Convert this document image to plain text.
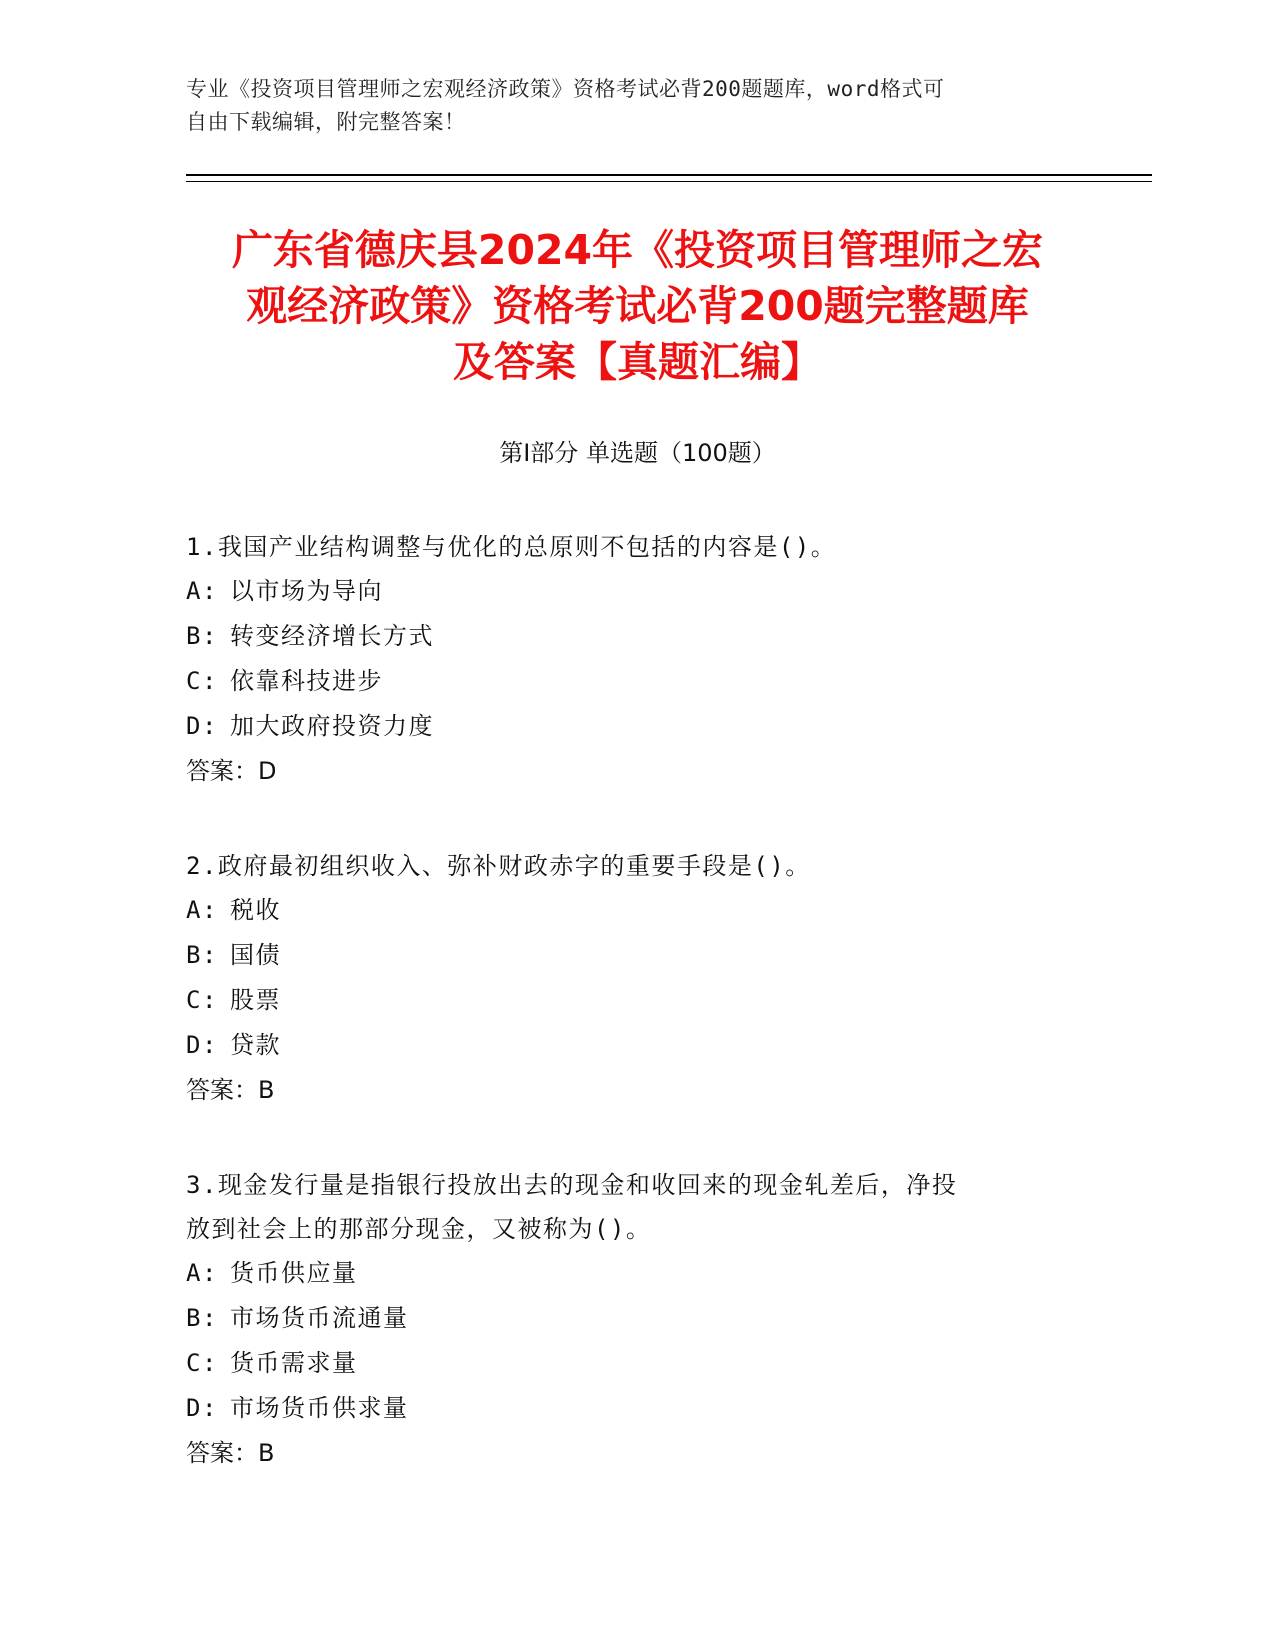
专业《投资项目管理师之宏观经济政策》资格考试必背200题题库，word格式可
自由下载编辑，附完整答案！
广东省德庆县2024年《投资项目管理师之宏
观经济政策》资格考试必背200题完整题库
及答案【真题汇编】
第I部分 单选题（100题）
1.我国产业结构调整与优化的总原则不包括的内容是()。
A: 以市场为导向
B: 转变经济增长方式
C: 依靠科技进步
D: 加大政府投资力度
答案：D
2.政府最初组织收入、弥补财政赤字的重要手段是()。
A: 税收
B: 国债
C: 股票
D: 贷款
答案：B
3.现金发行量是指银行投放出去的现金和收回来的现金轧差后，净投
放到社会上的那部分现金，又被称为()。
A: 货币供应量
B: 市场货币流通量
C: 货币需求量
D: 市场货币供求量
答案：B
